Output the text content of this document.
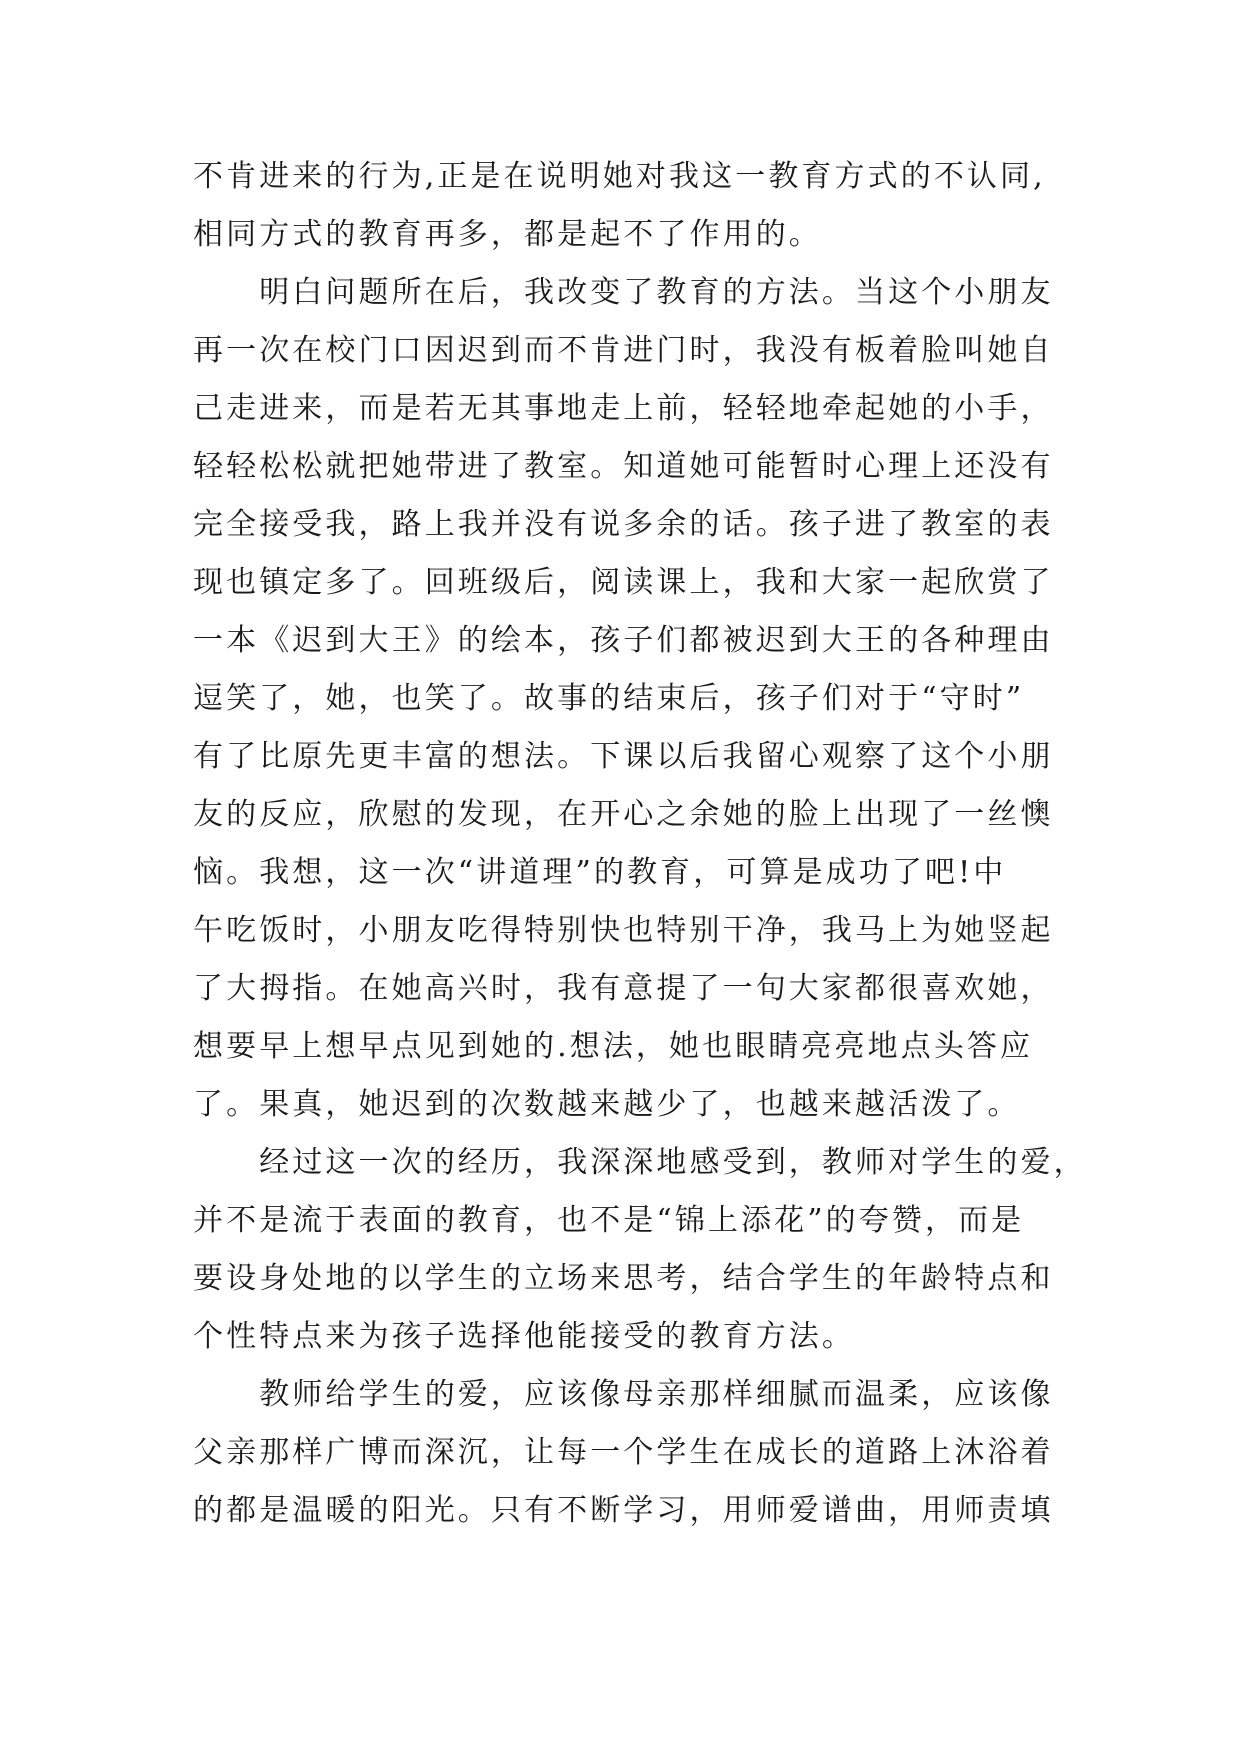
不肯进来的行为,正是在说明她对我这一教育方式的不认同,
相同方式的教育再多，都是起不了作用的。
　　明白问题所在后，我改变了教育的方法。当这个小朋友
再一次在校门口因迟到而不肯进门时，我没有板着脸叫她自
己走进来，而是若无其事地走上前，轻轻地牵起她的小手，
轻轻松松就把她带进了教室。知道她可能暂时心理上还没有
完全接受我，路上我并没有说多余的话。孩子进了教室的表
现也镇定多了。回班级后，阅读课上，我和大家一起欣赏了
一本《迟到大王》的绘本，孩子们都被迟到大王的各种理由
逗笑了，她，也笑了。故事的结束后，孩子们对于“守时”
有了比原先更丰富的想法。下课以后我留心观察了这个小朋
友的反应，欣慰的发现，在开心之余她的脸上出现了一丝懊
恼。我想，这一次“讲道理”的教育，可算是成功了吧!中
午吃饭时，小朋友吃得特别快也特别干净，我马上为她竖起
了大拇指。在她高兴时，我有意提了一句大家都很喜欢她，
想要早上想早点见到她的.想法，她也眼睛亮亮地点头答应
了。果真，她迟到的次数越来越少了，也越来越活泼了。
　　经过这一次的经历，我深深地感受到，教师对学生的爱，
并不是流于表面的教育，也不是“锦上添花”的夸赞，而是
要设身处地的以学生的立场来思考，结合学生的年龄特点和
个性特点来为孩子选择他能接受的教育方法。
　　教师给学生的爱，应该像母亲那样细腻而温柔，应该像
父亲那样广博而深沉，让每一个学生在成长的道路上沐浴着
的都是温暖的阳光。只有不断学习，用师爱谱曲，用师责填
